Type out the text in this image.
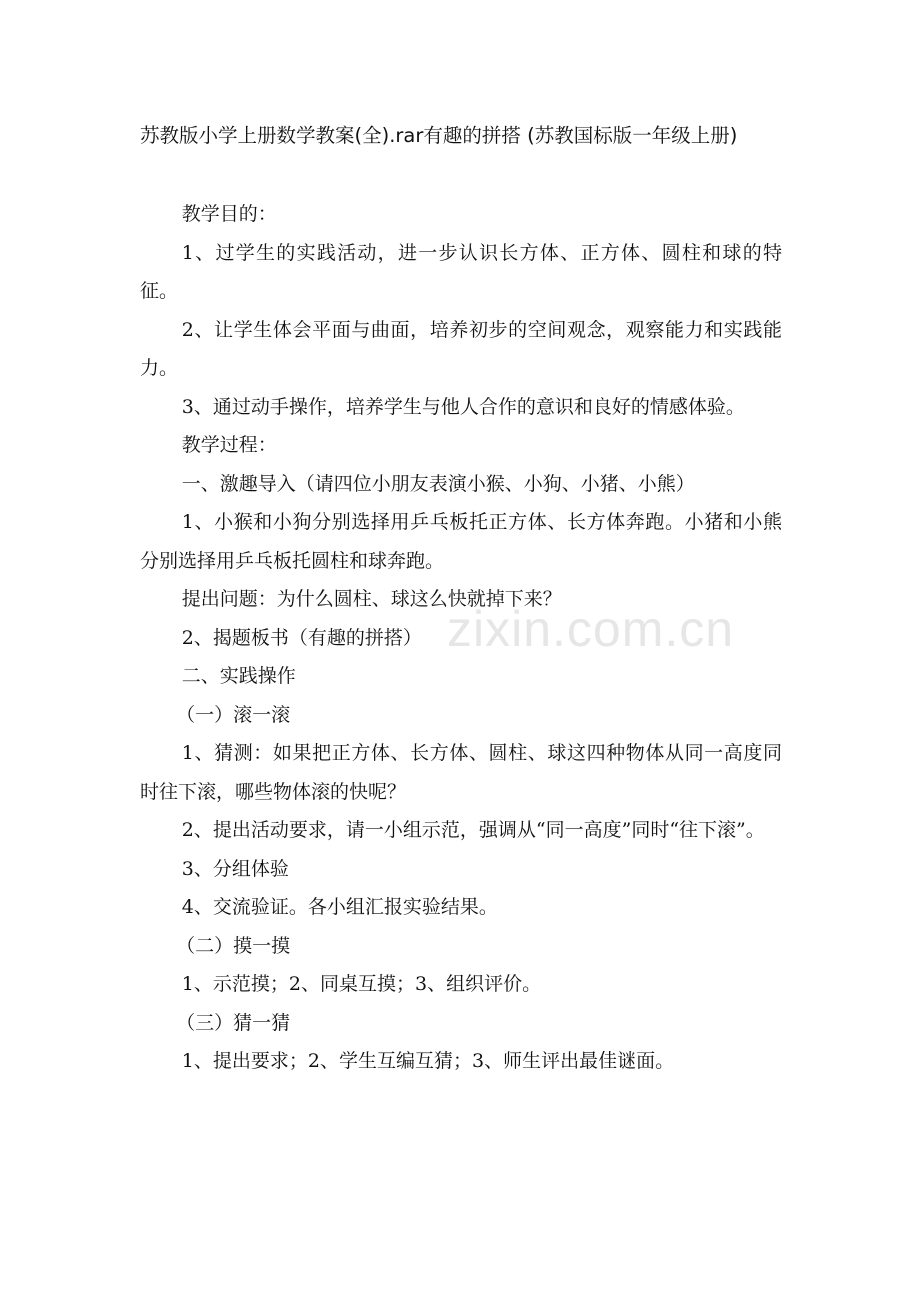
zixin.com.cn
苏教版小学上册数学教案(全).rar有趣的拼搭 (苏教国标版一年级上册)

教学目的：

1、过学生的实践活动，进一步认识长方体、正方体、圆柱和球的特征。

2、让学生体会平面与曲面，培养初步的空间观念，观察能力和实践能力。

3、通过动手操作，培养学生与他人合作的意识和良好的情感体验。

教学过程：

一、激趣导入（请四位小朋友表演小猴、小狗、小猪、小熊）

1、小猴和小狗分别选择用乒乓板托正方体、长方体奔跑。小猪和小熊分别选择用乒乓板托圆柱和球奔跑。

提出问题：为什么圆柱、球这么快就掉下来？

2、揭题板书（有趣的拼搭）

二、实践操作

（一）滚一滚

1、猜测：如果把正方体、长方体、圆柱、球这四种物体从同一高度同时往下滚，哪些物体滚的快呢？

2、提出活动要求，请一小组示范，强调从“同一高度”同时“往下滚”。

3、分组体验

4、交流验证。各小组汇报实验结果。

（二）摸一摸

1、示范摸；2、同桌互摸；3、组织评价。

（三）猜一猜

1、提出要求；2、学生互编互猜；3、师生评出最佳谜面。
